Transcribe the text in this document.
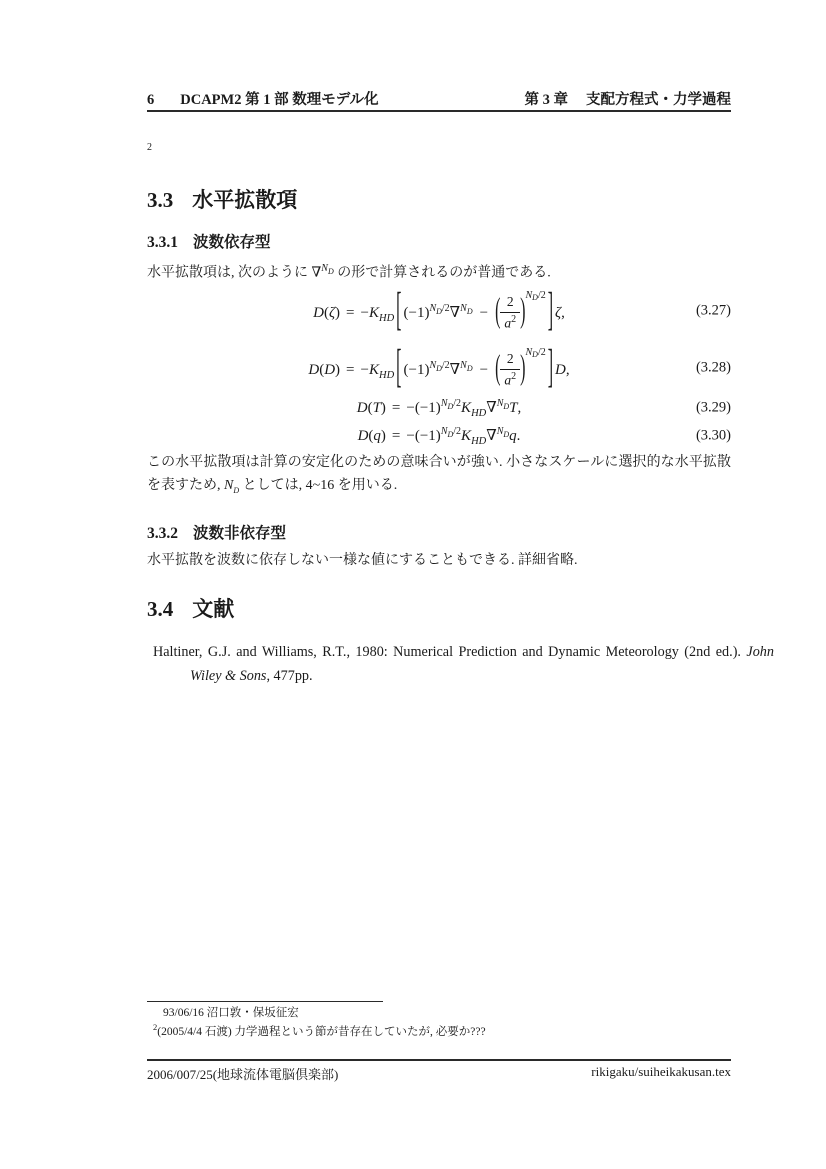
6 DCAPM2 第 1 部 数理モデル化	第 3 章 支配方程式・力学過程
2
3.3 水平拡散項
3.3.1 波数依存型
水平拡散項は, 次のように ∇$^{N_D}$ の形で計算されるのが普通である.
$D(\zeta) = -K_{HD}$ [ $(-1)^{N_D/2}\nabla^{N_D}$ − ( $\frac{2}{a^2} )^{N_D/2}$ ] ζ,	(3.27)
$D(D) = -K_{HD}$ [ $(-1)^{N_D/2}\nabla^{N_D}$ − ( $\frac{2}{a^2} )^{N_D/2}$ ] D,	(3.28)
$D(T) = -(-1)^{N_D/2}K_{HD}\nabla^{N_D}T$,	(3.29)
$D(q) = -(-1)^{N_D/2}K_{HD}\nabla^{N_D}q$.	(3.30)
この水平拡散項は計算の安定化のための意味合いが強い. 小さなスケールに選択的な水平拡散を表すため, $N_D$ としては, 4~16 を用いる.
3.3.2 波数非依存型
水平拡散を波数に依存しない一様な値にすることもできる. 詳細省略.
3.4 文献
Haltiner, G.J. and Williams, R.T., 1980: Numerical Prediction and Dynamic Meteorology (2nd ed.). John Wiley & Sons, 477pp.
93/06/16 沼口敦・保坂征宏
$^2$(2005/4/4 石渡) 力学過程という節が昔存在していたが, 必要か???
2006/007/25(地球流体電脳倶楽部)	rikigaku/suiheikakusan.tex
